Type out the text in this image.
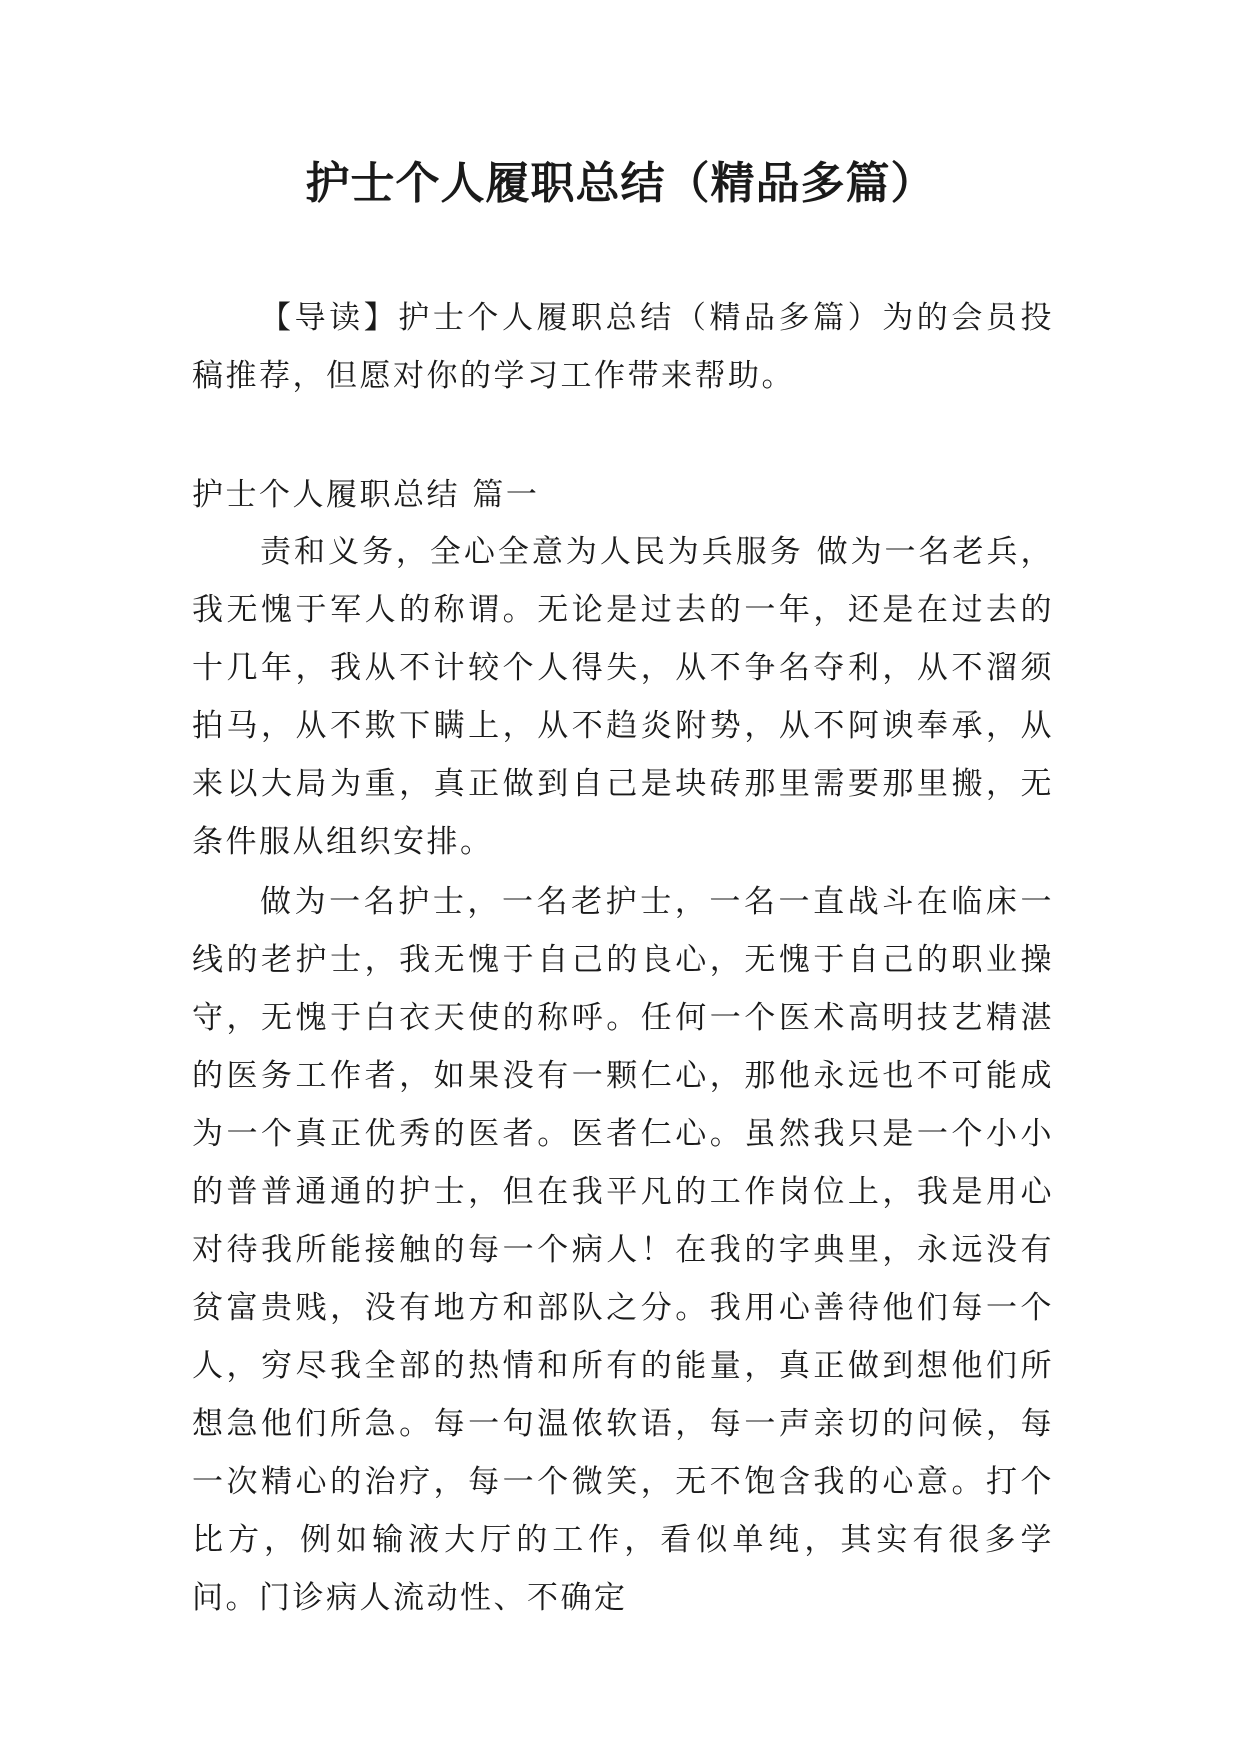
护士个人履职总结（精品多篇）

【导读】护士个人履职总结（精品多篇）为的会员投稿推荐，但愿对你的学习工作带来帮助。

护士个人履职总结 篇一

责和义务，全心全意为人民为兵服务 做为一名老兵，我无愧于军人的称谓。无论是过去的一年，还是在过去的十几年，我从不计较个人得失，从不争名夺利，从不溜须拍马，从不欺下瞒上，从不趋炎附势，从不阿谀奉承，从来以大局为重，真正做到自己是块砖那里需要那里搬，无条件服从组织安排。

做为一名护士，一名老护士，一名一直战斗在临床一线的老护士，我无愧于自己的良心，无愧于自己的职业操守，无愧于白衣天使的称呼。任何一个医术高明技艺精湛的医务工作者，如果没有一颗仁心，那他永远也不可能成为一个真正优秀的医者。医者仁心。虽然我只是一个小小的普普通通的护士，但在我平凡的工作岗位上，我是用心对待我所能接触的每一个病人！在我的字典里，永远没有贫富贵贱，没有地方和部队之分。我用心善待他们每一个人，穷尽我全部的热情和所有的能量，真正做到想他们所想急他们所急。每一句温侬软语，每一声亲切的问候，每一次精心的治疗，每一个微笑，无不饱含我的心意。打个比方，例如输液大厅的工作，看似单纯，其实有很多学问。门诊病人流动性、不确定
